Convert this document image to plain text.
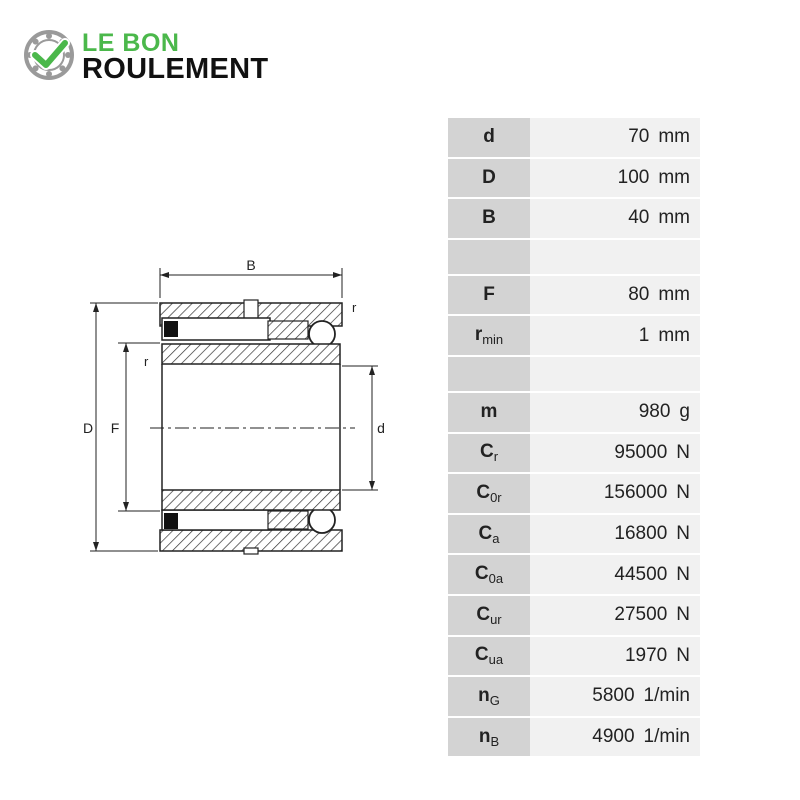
LE BON
ROULEMENT
B
D F	d
r
r
d	70 mm
D	100 mm
B	40 mm

F	80 mm
$r_{min}$	1 mm

m	980 g
$C_r$	95000 N
$C_{0r}$	156000 N
$C_a$	16800 N
$C_{0a}$	44500 N
$C_{ur}$	27500 N
$C_{ua}$	1970 N
$n_G$	5800 1/min
$n_B$	4900 1/min
